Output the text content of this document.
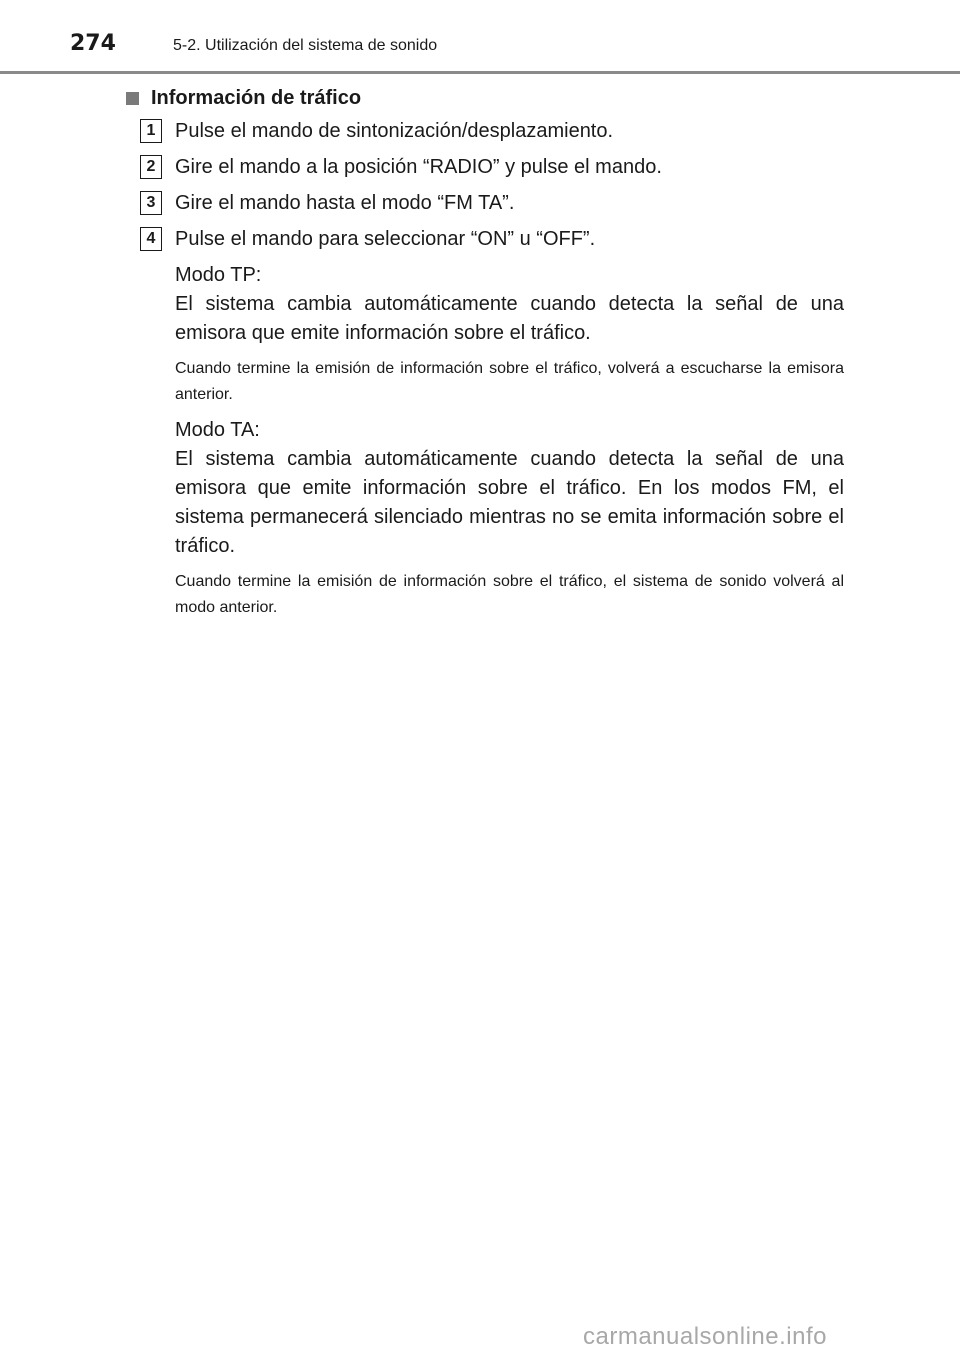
274	5-2. Utilización del sistema de sonido
Información de tráfico
1 Pulse el mando de sintonización/desplazamiento.
2 Gire el mando a la posición “RADIO” y pulse el mando.
3 Gire el mando hasta el modo “FM TA”.
4 Pulse el mando para seleccionar “ON” u “OFF”.

Modo TP:

El sistema cambia automáticamente cuando detecta la señal de una emisora que emite información sobre el tráfico.

Cuando termine la emisión de información sobre el tráfico, volverá a escucharse la emisora anterior.

Modo TA:

El sistema cambia automáticamente cuando detecta la señal de una emisora que emite información sobre el tráfico. En los modos FM, el sistema permanecerá silenciado mientras no se emita información sobre el tráfico.

Cuando termine la emisión de información sobre el tráfico, el sistema de sonido volverá al modo anterior.

carmanualsonline.info
